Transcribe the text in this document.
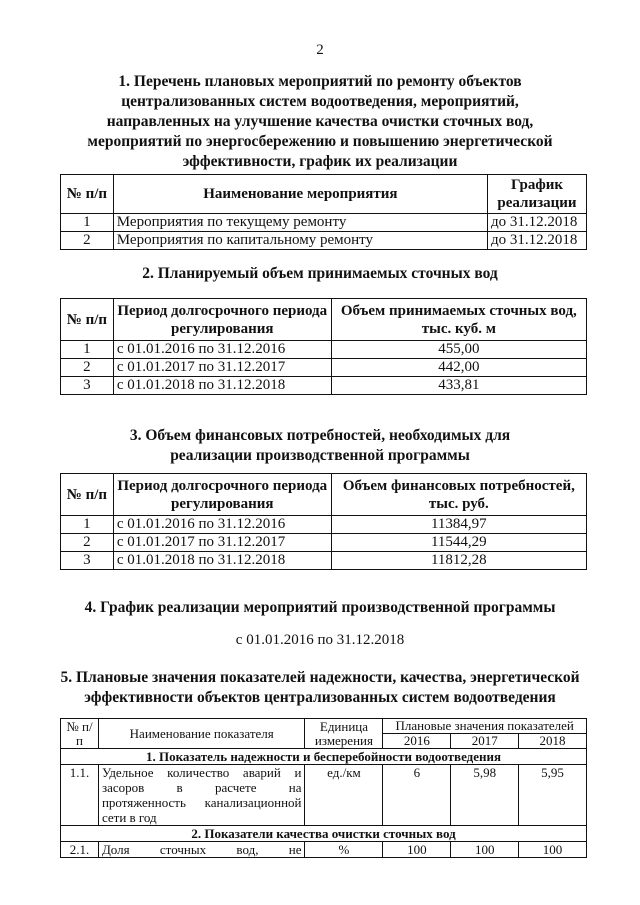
2
1. Перечень плановых мероприятий по ремонту объектов
централизованных систем водоотведения, мероприятий,
направленных на улучшение качества очистки сточных вод,
мероприятий по энергосбережению и повышению энергетической
эффективности, график их реализации
№ п/п	Наименование мероприятия	График реализации
1	Мероприятия по текущему ремонту	до 31.12.2018
2	Мероприятия по капитальному ремонту	до 31.12.2018
2. Планируемый объем принимаемых сточных вод
№ п/п	Период долгосрочного периода регулирования	Объем принимаемых сточных вод, тыс. куб. м
1	с 01.01.2016 по 31.12.2016	455,00
2	с 01.01.2017 по 31.12.2017	442,00
3	с 01.01.2018 по 31.12.2018	433,81
3. Объем финансовых потребностей, необходимых для
реализации производственной программы
№ п/п	Период долгосрочного периода регулирования	Объем финансовых потребностей, тыс. руб.
1	с 01.01.2016 по 31.12.2016	11384,97
2	с 01.01.2017 по 31.12.2017	11544,29
3	с 01.01.2018 по 31.12.2018	11812,28
4. График реализации мероприятий производственной программы
с 01.01.2016 по 31.12.2018
5. Плановые значения показателей надежности, качества, энергетической
эффективности объектов централизованных систем водоотведения
№ п/п	Наименование показателя	Единица измерения	Плановые значения показателей		
			2016	2017	2018
1. Показатель надежности и бесперебойности водоотведения					
1.1.	Удельное количество аварий и засоров в расчете на протяженность канализационной сети в год	ед./км	6	5,98	5,95
2. Показатели качества очистки сточных вод					
2.1.	Доля сточных вод, не	%	100	100	100
